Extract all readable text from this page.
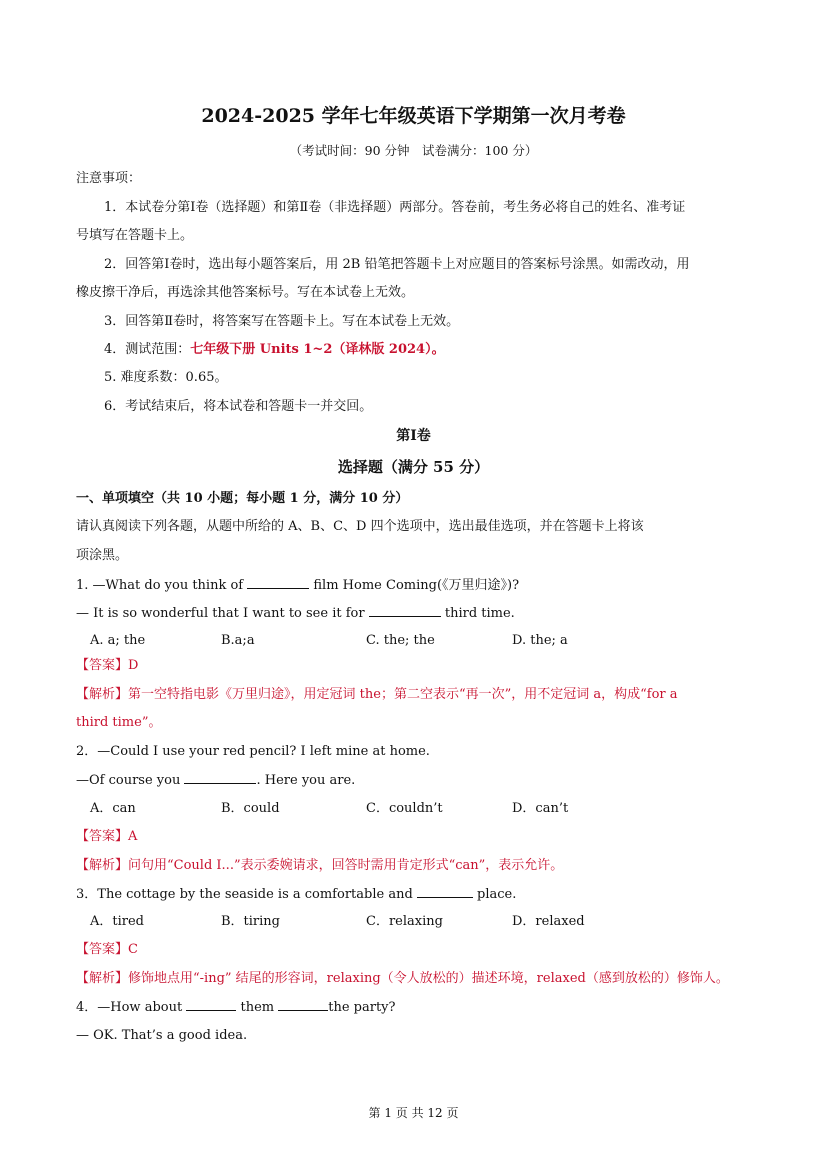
2024-2025 学年七年级英语下学期第一次月考卷
（考试时间：90 分钟　试卷满分：100 分）
注意事项：
1．本试卷分第Ⅰ卷（选择题）和第Ⅱ卷（非选择题）两部分。答卷前，考生务必将自己的姓名、准考证
号填写在答题卡上。
2．回答第Ⅰ卷时，选出每小题答案后，用 2B 铅笔把答题卡上对应题目的答案标号涂黑。如需改动，用
橡皮擦干净后，再选涂其他答案标号。写在本试卷上无效。
3．回答第Ⅱ卷时，将答案写在答题卡上。写在本试卷上无效。
4．测试范围：七年级下册 Units 1~2（译林版 2024）。
5. 难度系数：0.65。
6．考试结束后，将本试卷和答题卡一并交回。
第Ⅰ卷
选择题（满分 55 分）
一、单项填空（共 10 小题；每小题 1 分，满分 10 分）
请认真阅读下列各题，从题中所给的 A、B、C、D 四个选项中，选出最佳选项，并在答题卡上将该
项涂黑。
1. —What do you think of	film Home Coming(《万里归途》)?
— It is so wonderful that I want to see it for	third time.
A. a; the	B.a;a	C. the; the	D. the; a
【答案】D
【解析】第一空特指电影《万里归途》，用定冠词 the；第二空表示“再一次”，用不定冠词 a，构成“for a
third time”。
2．—Could I use your red pencil? I left mine at home.
—Of course you	. Here you are.
A．can	B．could	C．couldn’t	D．can’t
【答案】A
【解析】问句用“Could I...”表示委婉请求，回答时需用肯定形式“can”，表示允许。
3．The cottage by the seaside is a comfortable and	place.
A．tired	B．tiring	C．relaxing	D．relaxed
【答案】C
【解析】修饰地点用“-ing” 结尾的形容词，relaxing（令人放松的）描述环境，relaxed（感到放松的）修饰人。
4．—How about	them	the party?
— OK. That’s a good idea.
第 1 页 共 12 页
